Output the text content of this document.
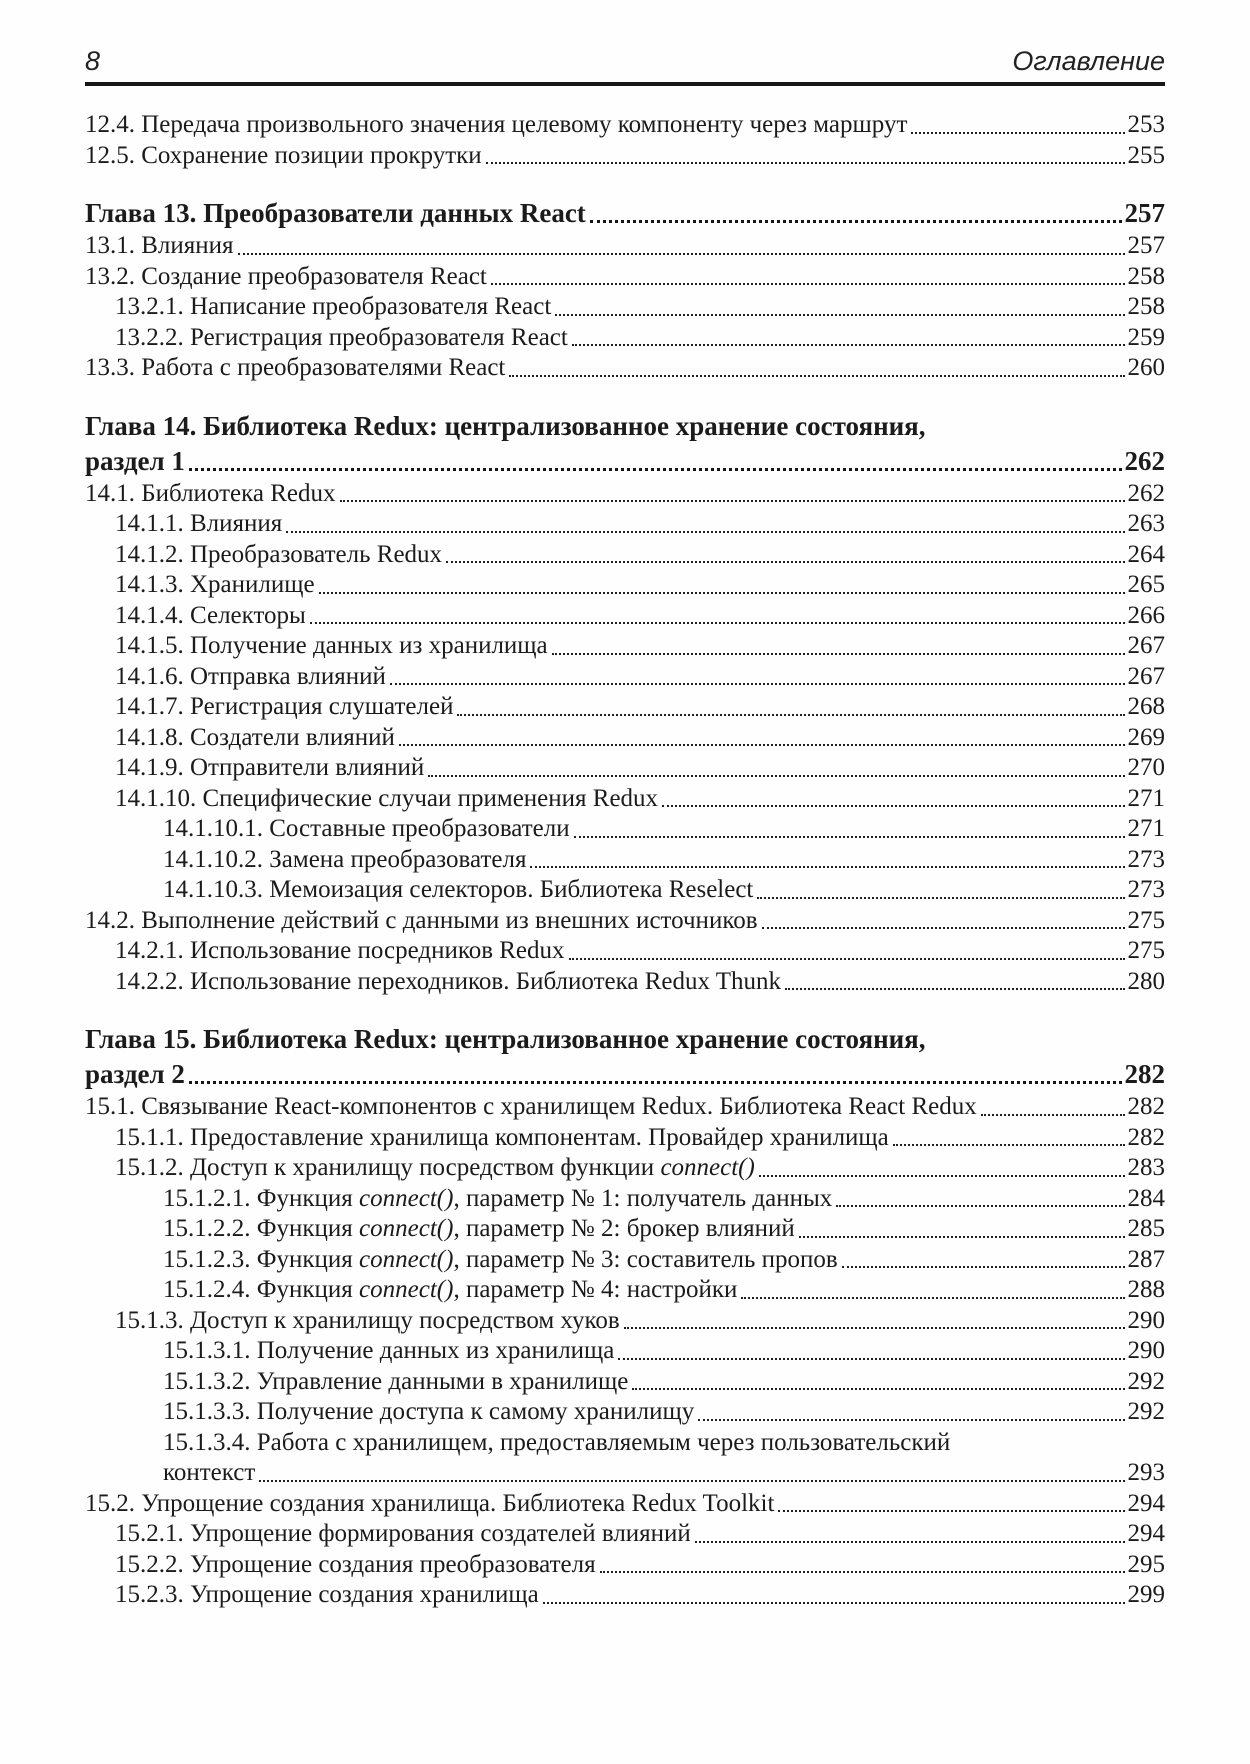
8	Оглавление
12.4. Передача произвольного значения целевому компоненту через маршрут	253
12.5. Сохранение позиции прокрутки	255
Глава 13. Преобразователи данных React	257
13.1. Влияния	257
13.2. Создание преобразователя React	258
13.2.1. Написание преобразователя React	258
13.2.2. Регистрация преобразователя React	259
13.3. Работа с преобразователями React	260
Глава 14. Библиотека Redux: централизованное хранение состояния,
раздел 1	262
14.1. Библиотека Redux	262
14.1.1. Влияния	263
14.1.2. Преобразователь Redux	264
14.1.3. Хранилище	265
14.1.4. Селекторы	266
14.1.5. Получение данных из хранилища	267
14.1.6. Отправка влияний	267
14.1.7. Регистрация слушателей	268
14.1.8. Создатели влияний	269
14.1.9. Отправители влияний	270
14.1.10. Специфические случаи применения Redux	271
14.1.10.1. Составные преобразователи	271
14.1.10.2. Замена преобразователя	273
14.1.10.3. Мемоизация селекторов. Библиотека Reselect	273
14.2. Выполнение действий с данными из внешних источников	275
14.2.1. Использование посредников Redux	275
14.2.2. Использование переходников. Библиотека Redux Thunk	280
Глава 15. Библиотека Redux: централизованное хранение состояния,
раздел 2	282
15.1. Связывание React-компонентов с хранилищем Redux. Библиотека React Redux	282
15.1.1. Предоставление хранилища компонентам. Провайдер хранилища	282
15.1.2. Доступ к хранилищу посредством функции connect()	283
15.1.2.1. Функция connect(), параметр № 1: получатель данных	284
15.1.2.2. Функция connect(), параметр № 2: брокер влияний	285
15.1.2.3. Функция connect(), параметр № 3: составитель пропов	287
15.1.2.4. Функция connect(), параметр № 4: настройки	288
15.1.3. Доступ к хранилищу посредством хуков	290
15.1.3.1. Получение данных из хранилища	290
15.1.3.2. Управление данными в хранилище	292
15.1.3.3. Получение доступа к самому хранилищу	292
15.1.3.4. Работа с хранилищем, предоставляемым через пользовательский
контекст	293
15.2. Упрощение создания хранилища. Библиотека Redux Toolkit	294
15.2.1. Упрощение формирования создателей влияний	294
15.2.2. Упрощение создания преобразователя	295
15.2.3. Упрощение создания хранилища	299
